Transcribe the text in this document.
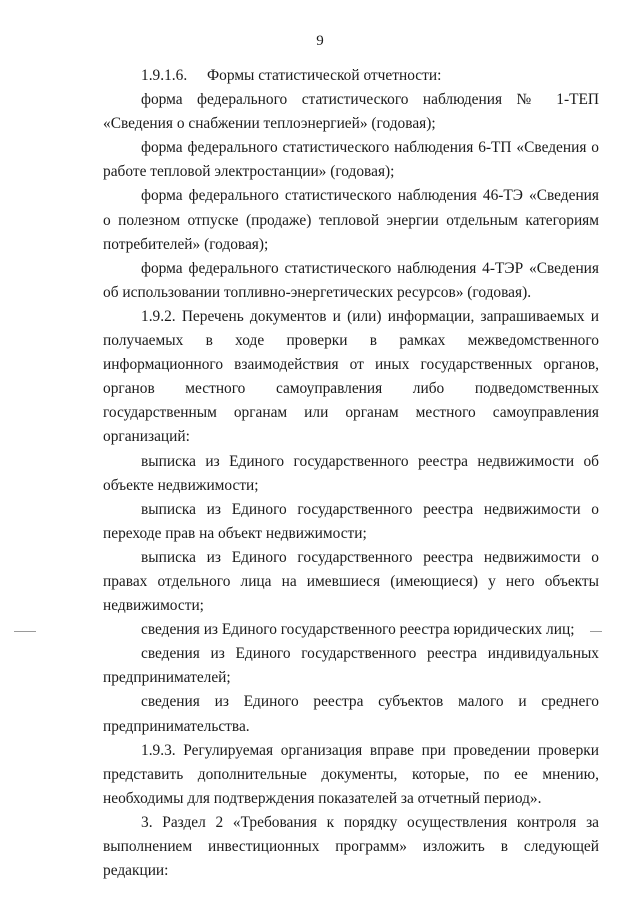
9

1.9.1.6. Формы статистической отчетности:

форма федерального статистического наблюдения № 1-ТЕП «Сведения о снабжении теплоэнергией» (годовая);

форма федерального статистического наблюдения 6-ТП «Сведения о работе тепловой электростанции» (годовая);

форма федерального статистического наблюдения 46-ТЭ «Сведения о полезном отпуске (продаже) тепловой энергии отдельным категориям потребителей» (годовая);

форма федерального статистического наблюдения 4-ТЭР «Сведения об использовании топливно-энергетических ресурсов» (годовая).

1.9.2. Перечень документов и (или) информации, запрашиваемых и получаемых в ходе проверки в рамках межведомственного информационного взаимодействия от иных государственных органов, органов местного самоуправления либо подведомственных государственным органам или органам местного самоуправления организаций:

выписка из Единого государственного реестра недвижимости об объекте недвижимости;

выписка из Единого государственного реестра недвижимости о переходе прав на объект недвижимости;

выписка из Единого государственного реестра недвижимости о правах отдельного лица на имевшиеся (имеющиеся) у него объекты недвижимости;

сведения из Единого государственного реестра юридических лиц;

сведения из Единого государственного реестра индивидуальных предпринимателей;

сведения из Единого реестра субъектов малого и среднего предпринимательства.

1.9.3. Регулируемая организация вправе при проведении проверки представить дополнительные документы, которые, по ее мнению, необходимы для подтверждения показателей за отчетный период».

3. Раздел 2 «Требования к порядку осуществления контроля за выполнением инвестиционных программ» изложить в следующей редакции:
